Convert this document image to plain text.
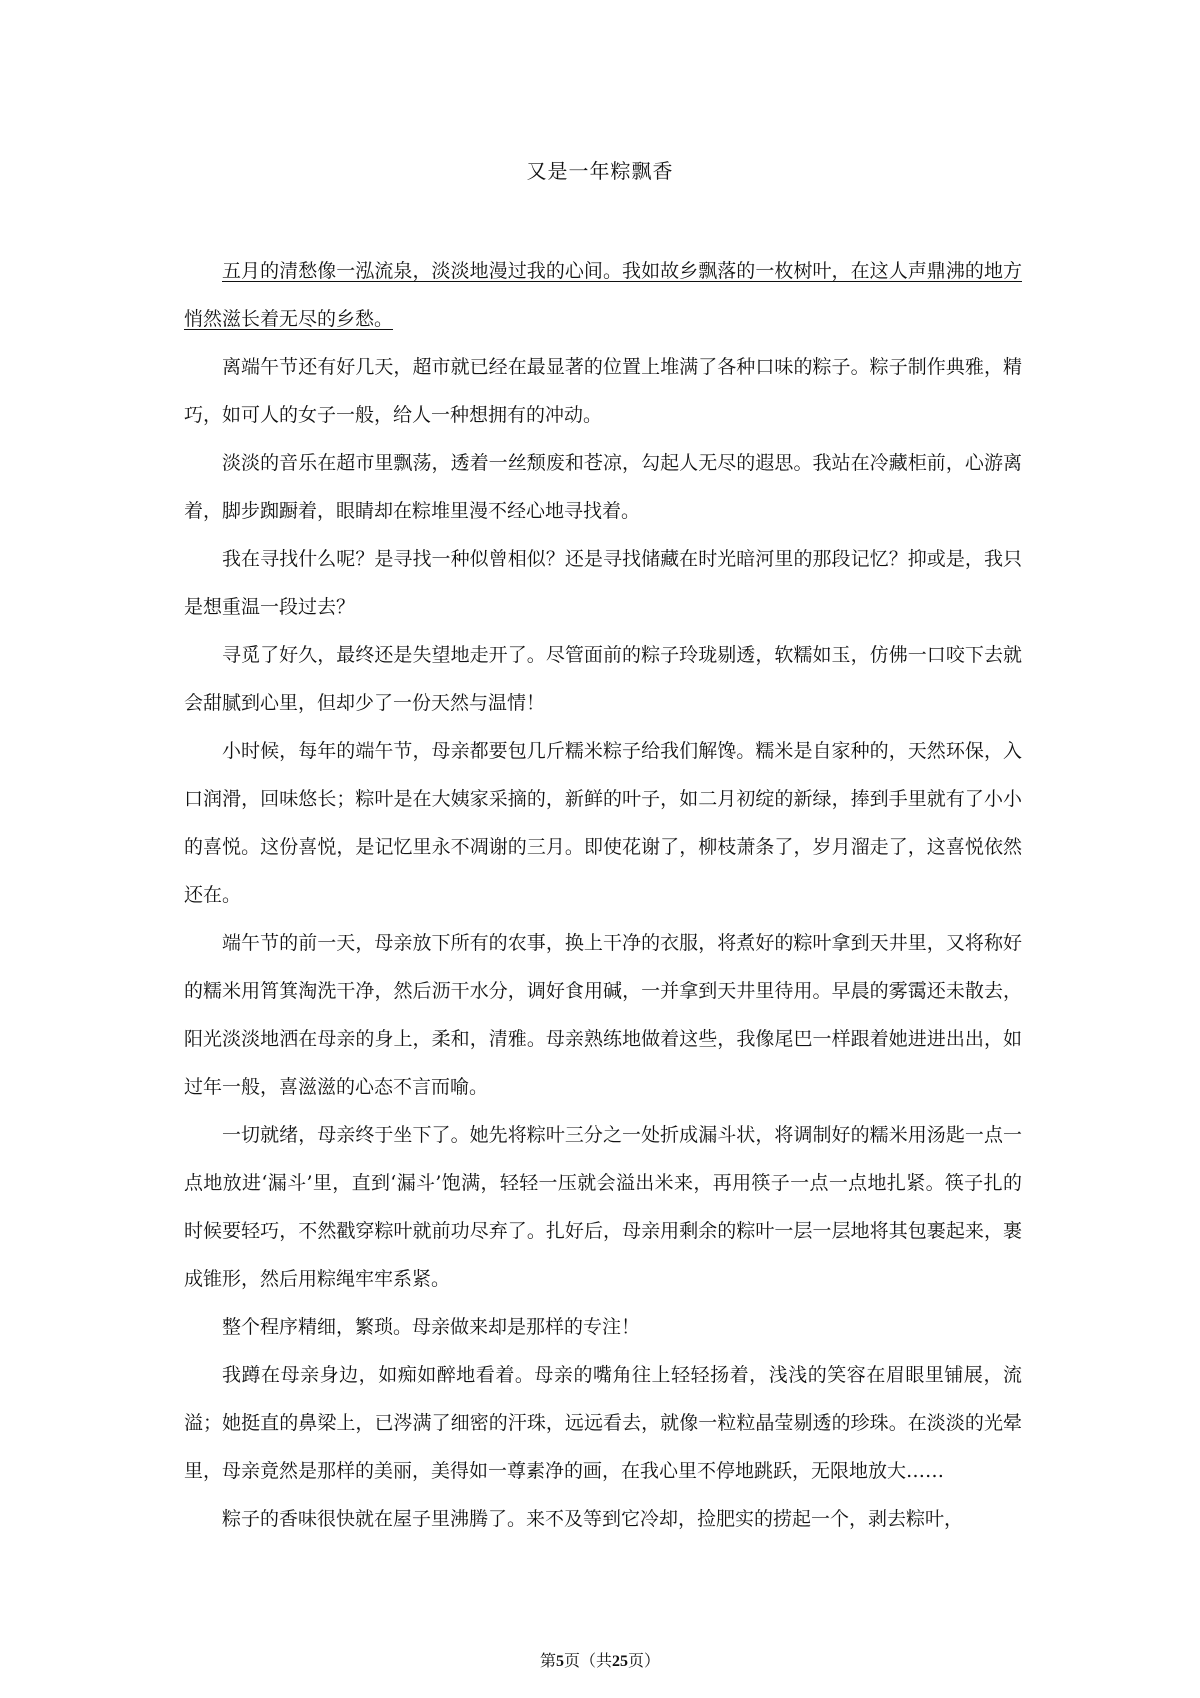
又是一年粽飘香

五月的清愁像一泓流泉，淡淡地漫过我的心间。我如故乡飘落的一枚树叶，在这人声鼎沸的地方悄然滋长着无尽的乡愁。

离端午节还有好几天，超市就已经在最显著的位置上堆满了各种口味的粽子。粽子制作典雅，精巧，如可人的女子一般，给人一种想拥有的冲动。

淡淡的音乐在超市里飘荡，透着一丝颓废和苍凉，勾起人无尽的遐思。我站在冷藏柜前，心游离着，脚步踟蹰着，眼睛却在粽堆里漫不经心地寻找着。

我在寻找什么呢？是寻找一种似曾相似？还是寻找储藏在时光暗河里的那段记忆？抑或是，我只是想重温一段过去？

寻觅了好久，最终还是失望地走开了。尽管面前的粽子玲珑剔透，软糯如玉，仿佛一口咬下去就会甜腻到心里，但却少了一份天然与温情！

小时候，每年的端午节，母亲都要包几斤糯米粽子给我们解馋。糯米是自家种的，天然环保，入口润滑，回味悠长；粽叶是在大姨家采摘的，新鲜的叶子，如二月初绽的新绿，捧到手里就有了小小的喜悦。这份喜悦，是记忆里永不凋谢的三月。即使花谢了，柳枝萧条了，岁月溜走了，这喜悦依然还在。

端午节的前一天，母亲放下所有的农事，换上干净的衣服，将煮好的粽叶拿到天井里，又将称好的糯米用筲箕淘洗干净，然后沥干水分，调好食用碱，一并拿到天井里待用。早晨的雾霭还未散去，阳光淡淡地洒在母亲的身上，柔和，清雅。母亲熟练地做着这些，我像尾巴一样跟着她进进出出，如过年一般，喜滋滋的心态不言而喻。

一切就绪，母亲终于坐下了。她先将粽叶三分之一处折成漏斗状，将调制好的糯米用汤匙一点一点地放进‘漏斗’里，直到‘漏斗’饱满，轻轻一压就会溢出米来，再用筷子一点一点地扎紧。筷子扎的时候要轻巧，不然戳穿粽叶就前功尽弃了。扎好后，母亲用剩余的粽叶一层一层地将其包裹起来，裹成锥形，然后用粽绳牢牢系紧。

整个程序精细，繁琐。母亲做来却是那样的专注！

我蹲在母亲身边，如痴如醉地看着。母亲的嘴角往上轻轻扬着，浅浅的笑容在眉眼里铺展，流溢；她挺直的鼻梁上，已涔满了细密的汗珠，远远看去，就像一粒粒晶莹剔透的珍珠。在淡淡的光晕里，母亲竟然是那样的美丽，美得如一尊素净的画，在我心里不停地跳跃，无限地放大……

粽子的香味很快就在屋子里沸腾了。来不及等到它冷却，捡肥实的捞起一个，剥去粽叶，

第5页（共25页）
